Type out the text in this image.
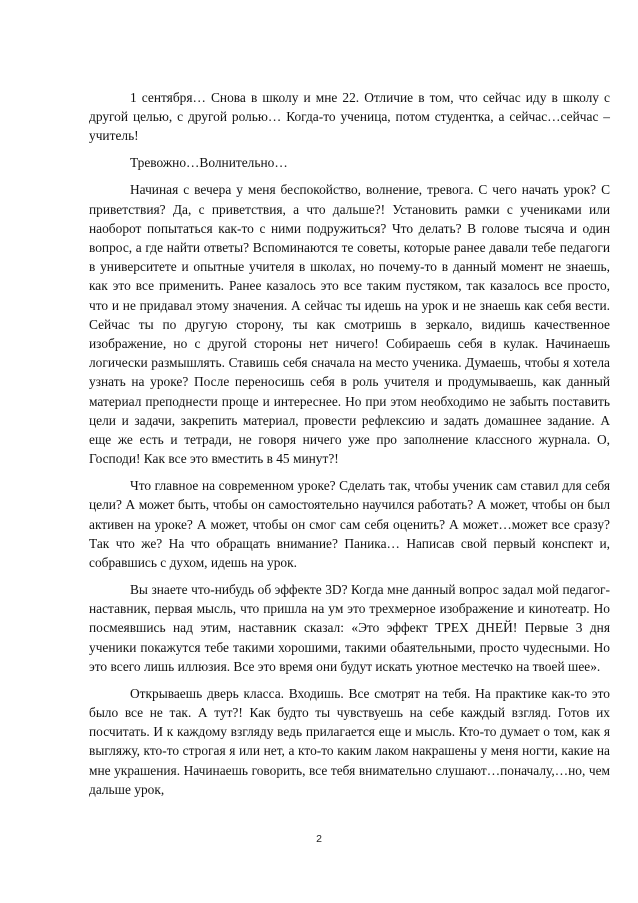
1 сентября… Снова в школу и мне 22. Отличие в том, что сейчас иду в школу с другой целью, с другой ролью… Когда-то ученица, потом студентка, а сейчас…сейчас – учитель!

Тревожно…Волнительно…

Начиная с вечера у меня беспокойство, волнение, тревога. С чего начать урок? С приветствия? Да, с приветствия, а что дальше?! Установить рамки с учениками или наоборот попытаться как-то с ними подружиться? Что делать? В голове тысяча и один вопрос, а где найти ответы? Вспоминаются те советы, которые ранее давали тебе педагоги в университете и опытные учителя в школах, но почему-то в данный момент не знаешь, как это все применить. Ранее казалось это все таким пустяком, так казалось все просто, что и не придавал этому значения. А сейчас ты идешь на урок и не знаешь как себя вести. Сейчас ты по другую сторону, ты как смотришь в зеркало, видишь качественное изображение, но с другой стороны нет ничего! Собираешь себя в кулак. Начинаешь логически размышлять. Ставишь себя сначала на место ученика. Думаешь, чтобы я хотела узнать на уроке? После переносишь себя в роль учителя и продумываешь, как данный материал преподнести проще и интереснее. Но при этом необходимо не забыть поставить цели и задачи, закрепить материал, провести рефлексию и задать домашнее задание. А еще же есть и тетради, не говоря ничего уже про заполнение классного журнала. О, Господи! Как все это вместить в 45 минут?!

Что главное на современном уроке? Сделать так, чтобы ученик сам ставил для себя цели? А может быть, чтобы он самостоятельно научился работать? А может, чтобы он был активен на уроке? А может, чтобы он смог сам себя оценить? А может…может все сразу? Так что же? На что обращать внимание? Паника… Написав свой первый конспект и, собравшись с духом, идешь на урок.

Вы знаете что-нибудь об эффекте 3D? Когда мне данный вопрос задал мой педагог- наставник, первая мысль, что пришла на ум это трехмерное изображение и кинотеатр. Но посмеявшись над этим, наставник сказал: «Это эффект ТРЕХ ДНЕЙ! Первые 3 дня ученики покажутся тебе такими хорошими, такими обаятельными, просто чудесными. Но это всего лишь иллюзия. Все это время они будут искать уютное местечко на твоей шее».

Открываешь дверь класса. Входишь. Все смотрят на тебя. На практике как-то это было все не так. А тут?! Как будто ты чувствуешь на себе каждый взгляд. Готов их посчитать. И к каждому взгляду ведь прилагается еще и мысль. Кто-то думает о том, как я выгляжу, кто-то строгая я или нет, а кто-то каким лаком накрашены у меня ногти, какие на мне украшения. Начинаешь говорить, все тебя внимательно слушают…поначалу,…но, чем дальше урок,

2
